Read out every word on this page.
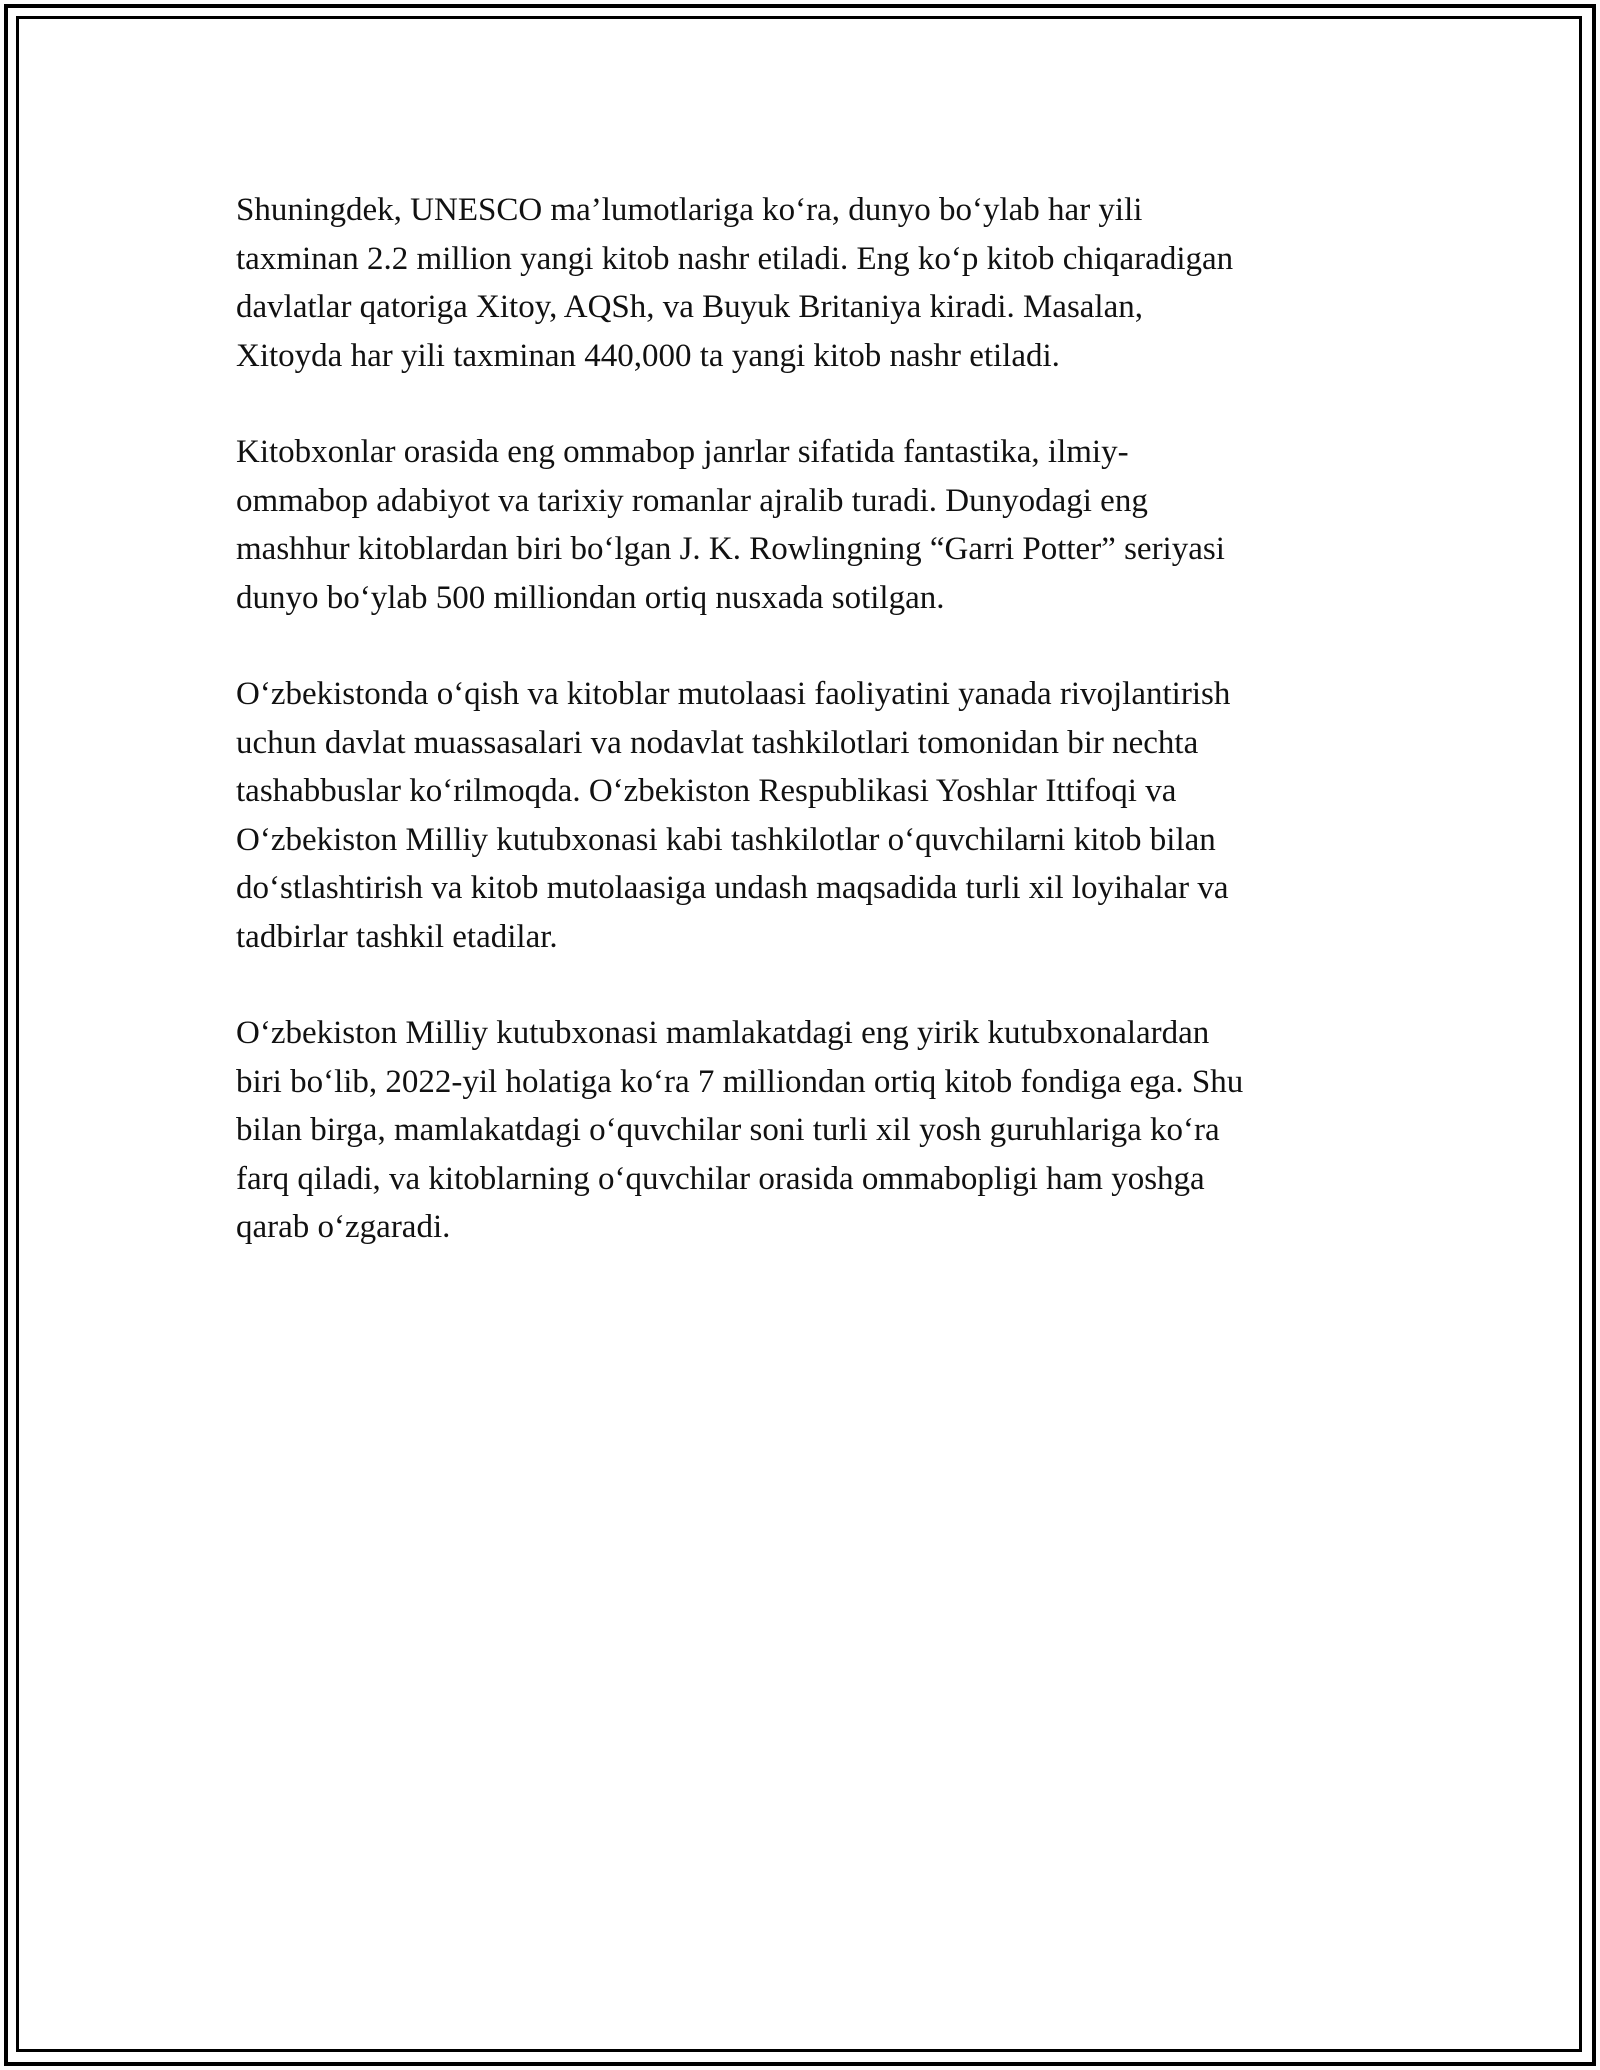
Shuningdek, UNESCO ma’lumotlariga ko‘ra, dunyo bo‘ylab har yili
taxminan 2.2 million yangi kitob nashr etiladi. Eng ko‘p kitob chiqaradigan
davlatlar qatoriga Xitoy, AQSh, va Buyuk Britaniya kiradi. Masalan,
Xitoyda har yili taxminan 440,000 ta yangi kitob nashr etiladi.

Kitobxonlar orasida eng ommabop janrlar sifatida fantastika, ilmiy-
ommabop adabiyot va tarixiy romanlar ajralib turadi. Dunyodagi eng
mashhur kitoblardan biri bo‘lgan J. K. Rowlingning “Garri Potter” seriyasi
dunyo bo‘ylab 500 milliondan ortiq nusxada sotilgan.

O‘zbekistonda o‘qish va kitoblar mutolaasi faoliyatini yanada rivojlantirish
uchun davlat muassasalari va nodavlat tashkilotlari tomonidan bir nechta
tashabbuslar ko‘rilmoqda. O‘zbekiston Respublikasi Yoshlar Ittifoqi va
O‘zbekiston Milliy kutubxonasi kabi tashkilotlar o‘quvchilarni kitob bilan
do‘stlashtirish va kitob mutolaasiga undash maqsadida turli xil loyihalar va
tadbirlar tashkil etadilar.

O‘zbekiston Milliy kutubxonasi mamlakatdagi eng yirik kutubxonalardan
biri bo‘lib, 2022-yil holatiga ko‘ra 7 milliondan ortiq kitob fondiga ega. Shu
bilan birga, mamlakatdagi o‘quvchilar soni turli xil yosh guruhlariga ko‘ra
farq qiladi, va kitoblarning o‘quvchilar orasida ommabopligi ham yoshga
qarab o‘zgaradi.
